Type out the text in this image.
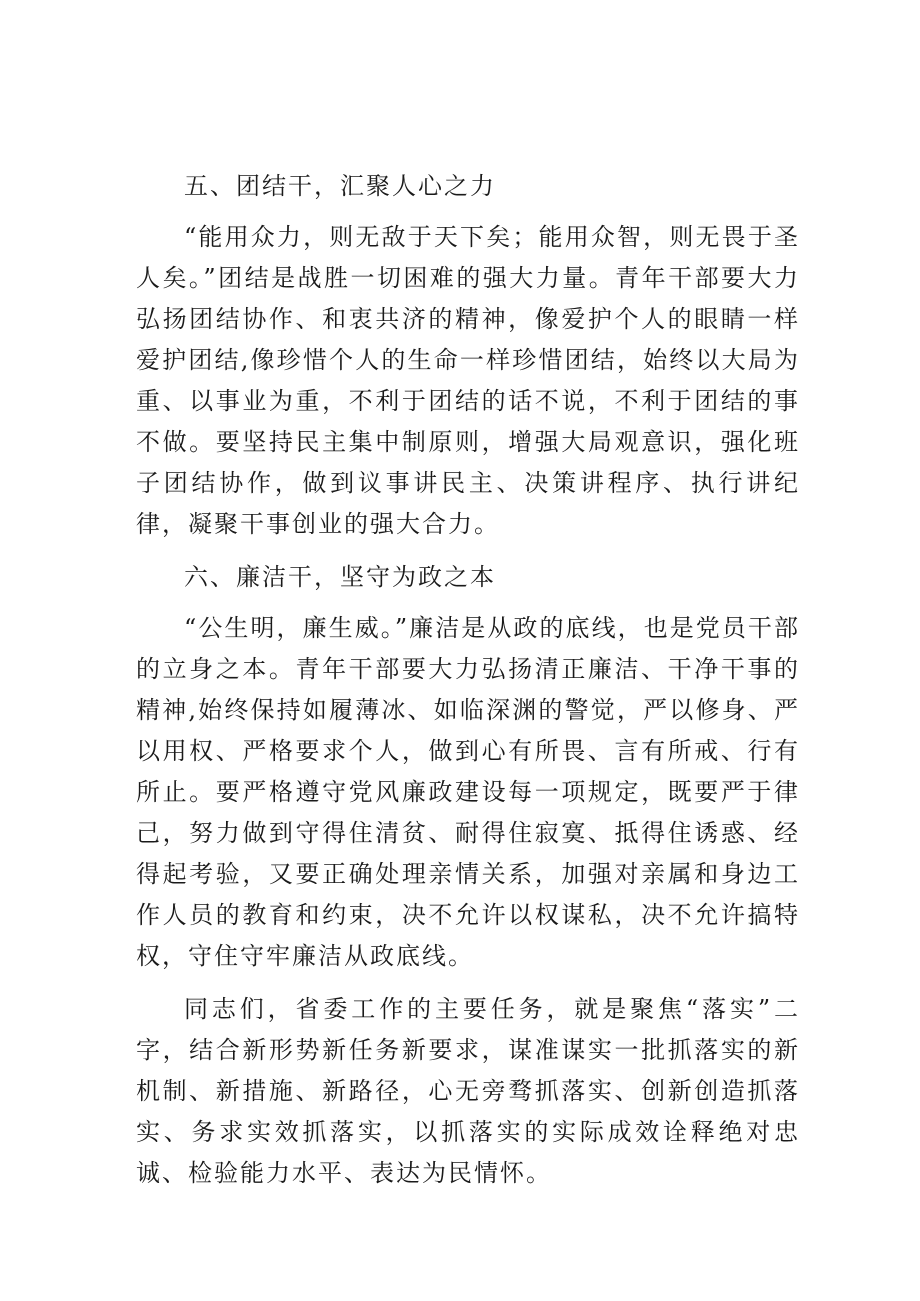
五、团结干，汇聚人心之力

“能用众力，则无敌于天下矣；能用众智，则无畏于圣人矣。”团结是战胜一切困难的强大力量。青年干部要大力弘扬团结协作、和衷共济的精神，像爱护个人的眼睛一样爱护团结,像珍惜个人的生命一样珍惜团结，始终以大局为重、以事业为重，不利于团结的话不说，不利于团结的事不做。要坚持民主集中制原则，增强大局观意识，强化班子团结协作，做到议事讲民主、决策讲程序、执行讲纪律，凝聚干事创业的强大合力。

六、廉洁干，坚守为政之本

“公生明，廉生威。”廉洁是从政的底线，也是党员干部的立身之本。青年干部要大力弘扬清正廉洁、干净干事的精神,始终保持如履薄冰、如临深渊的警觉，严以修身、严以用权、严格要求个人，做到心有所畏、言有所戒、行有所止。要严格遵守党风廉政建设每一项规定，既要严于律己，努力做到守得住清贫、耐得住寂寞、抵得住诱惑、经得起考验，又要正确处理亲情关系，加强对亲属和身边工作人员的教育和约束，决不允许以权谋私，决不允许搞特权，守住守牢廉洁从政底线。

同志们，省委工作的主要任务，就是聚焦“落实”二字，结合新形势新任务新要求，谋准谋实一批抓落实的新机制、新措施、新路径，心无旁骛抓落实、创新创造抓落实、务求实效抓落实，以抓落实的实际成效诠释绝对忠诚、检验能力水平、表达为民情怀。
